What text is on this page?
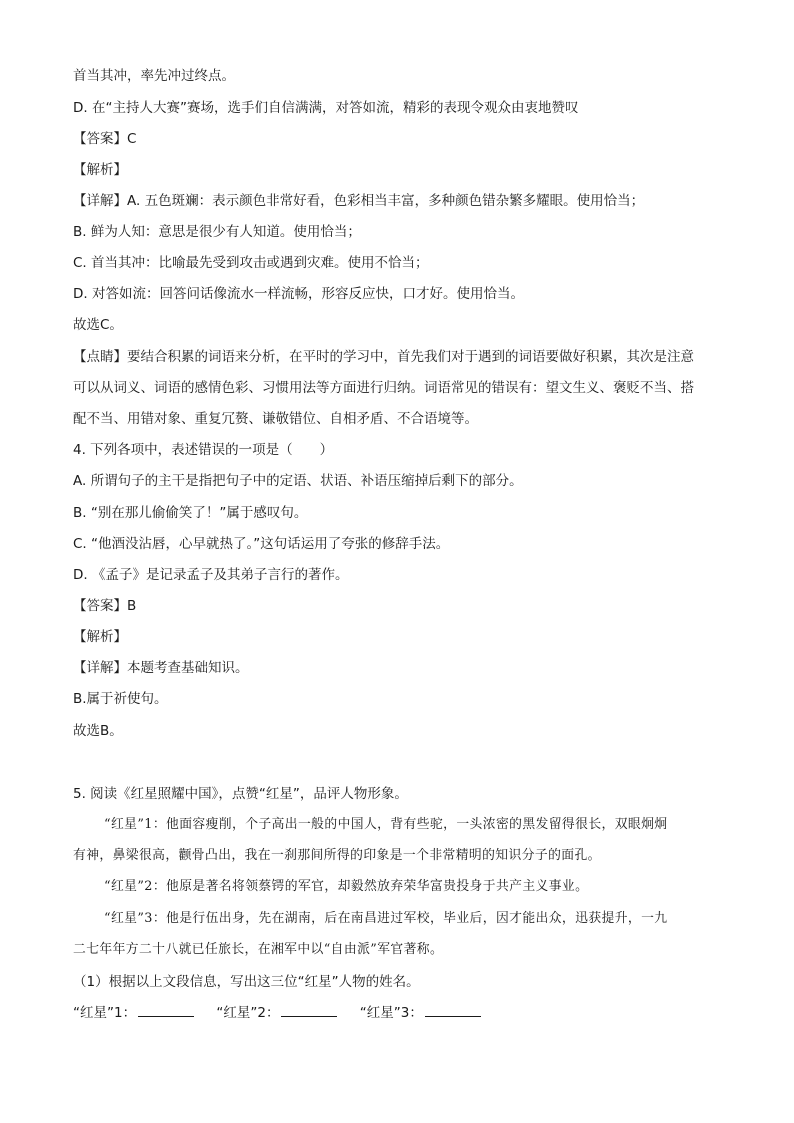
首当其冲，率先冲过终点。
D. 在“主持人大赛”赛场，选手们自信满满，对答如流，精彩的表现令观众由衷地赞叹
【答案】C
【解析】
【详解】A. 五色斑斓：表示颜色非常好看，色彩相当丰富，多种颜色错杂繁多耀眼。使用恰当；
B. 鲜为人知：意思是很少有人知道。使用恰当；
C. 首当其冲：比喻最先受到攻击或遇到灾难。使用不恰当；
D. 对答如流：回答问话像流水一样流畅，形容反应快，口才好。使用恰当。
故选C。
【点睛】要结合积累的词语来分析，在平时的学习中，首先我们对于遇到的词语要做好积累，其次是注意
可以从词义、词语的感情色彩、习惯用法等方面进行归纳。词语常见的错误有：望文生义、褒贬不当、搭
配不当、用错对象、重复冗赘、谦敬错位、自相矛盾、不合语境等。
4. 下列各项中，表述错误的一项是（　　）
A. 所谓句子的主干是指把句子中的定语、状语、补语压缩掉后剩下的部分。
B. “别在那儿偷偷笑了！”属于感叹句。
C. “他酒没沾唇，心早就热了。”这句话运用了夸张的修辞手法。
D. 《孟子》是记录孟子及其弟子言行的著作。
【答案】B
【解析】
【详解】本题考查基础知识。
B.属于祈使句。
故选B。
5. 阅读《红星照耀中国》，点赞“红星”，品评人物形象。
“红星”1：他面容瘦削，个子高出一般的中国人，背有些驼，一头浓密的黑发留得很长，双眼炯炯
有神，鼻梁很高，颧骨凸出，我在一刹那间所得的印象是一个非常精明的知识分子的面孔。
“红星”2：他原是著名将领蔡锷的军官，却毅然放弃荣华富贵投身于共产主义事业。
“红星”3：他是行伍出身，先在湖南，后在南昌进过军校，毕业后，因才能出众，迅获提升，一九
二七年年方二十八就已任旅长，在湘军中以“自由派”军官著称。
（1）根据以上文段信息，写出这三位“红星”人物的姓名。
“红星”1：	“红星”2：	“红星”3：
